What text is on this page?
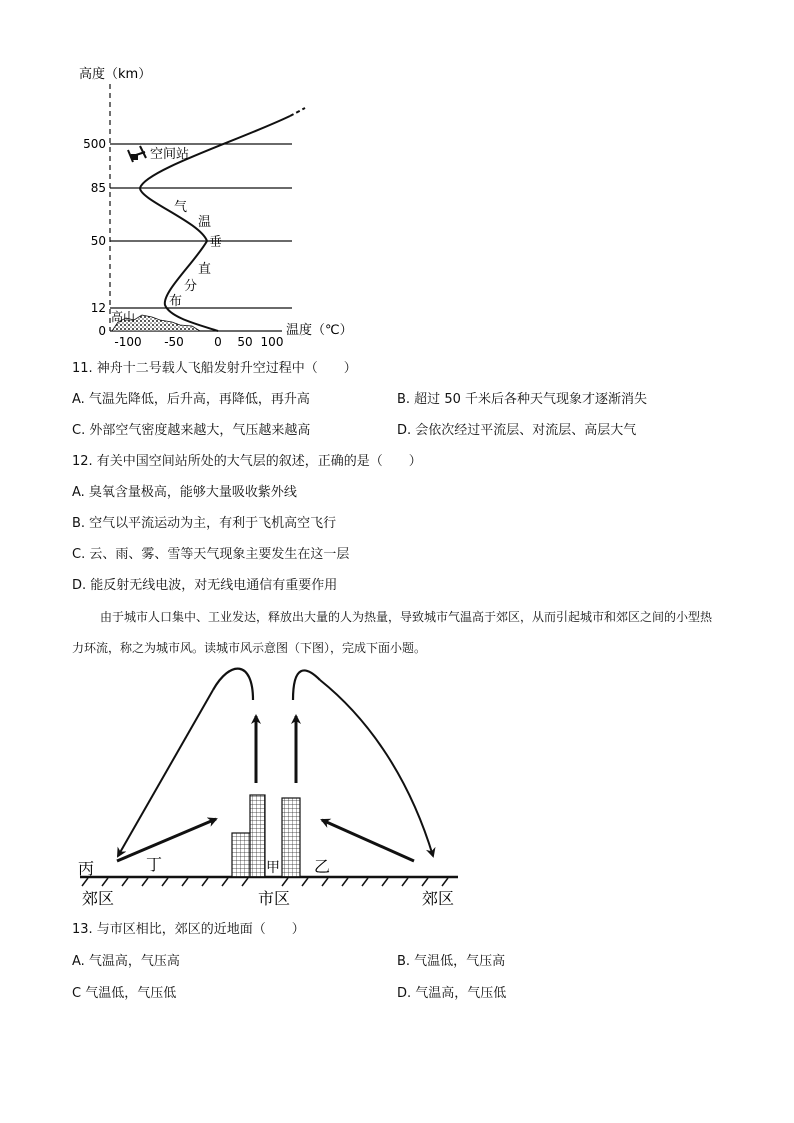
高度（km）
500
85
50
12
0
-100 -50	0 50 100
温度（℃）
空间站
高山
气
温
垂
直
分
布
11. 神舟十二号载人飞船发射升空过程中（　　）
A. 气温先降低，后升高，再降低，再升高	B. 超过 50 千米后各种天气现象才逐渐消失
C. 外部空气密度越来越大，气压越来越高	D. 会依次经过平流层、对流层、高层大气
12. 有关中国空间站所处的大气层的叙述，正确的是（　　）
A. 臭氧含量极高，能够大量吸收紫外线
B. 空气以平流运动为主，有利于飞机高空飞行
C. 云、雨、雾、雪等天气现象主要发生在这一层
D. 能反射无线电波，对无线电通信有重要作用
由于城市人口集中、工业发达，释放出大量的人为热量，导致城市气温高于郊区，从而引起城市和郊区之间的小型热力环流，称之为城市风。读城市风示意图（下图），完成下面小题。
丙	丁	甲 乙
郊区	市区	郊区
13. 与市区相比，郊区的近地面（　　）
A. 气温高，气压高	B. 气温低，气压高
C 气温低，气压低	D. 气温高，气压低
